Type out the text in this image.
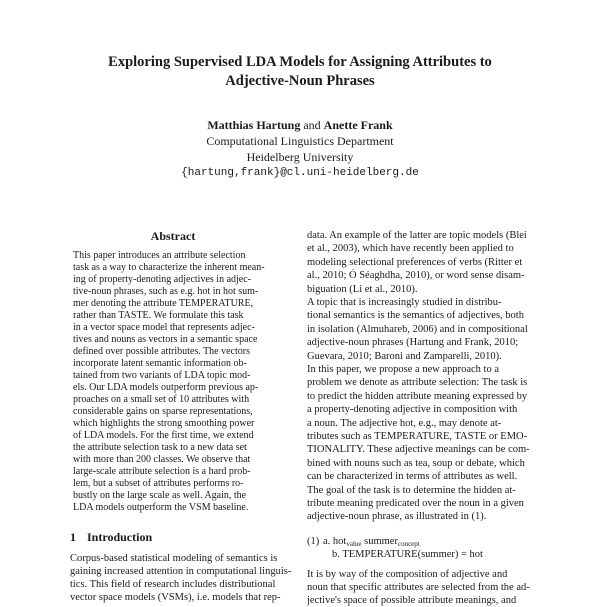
Exploring Supervised LDA Models for Assigning Attributes to
Adjective-Noun Phrases
Matthias Hartung and Anette Frank
Computational Linguistics Department
Heidelberg University
{hartung,frank}@cl.uni-heidelberg.de
Abstract
This paper introduces an attribute selection
task as a way to characterize the inherent mean-
ing of property-denoting adjectives in adjec-
tive-noun phrases, such as e.g. hot in hot sum-
mer denoting the attribute TEMPERATURE,
rather than TASTE. We formulate this task
in a vector space model that represents adjec-
tives and nouns as vectors in a semantic space
defined over possible attributes. The vectors
incorporate latent semantic information ob-
tained from two variants of LDA topic mod-
els. Our LDA models outperform previous ap-
proaches on a small set of 10 attributes with
considerable gains on sparse representations,
which highlights the strong smoothing power
of LDA models. For the first time, we extend
the attribute selection task to a new data set
with more than 200 classes. We observe that
large-scale attribute selection is a hard prob-
lem, but a subset of attributes performs ro-
bustly on the large scale as well. Again, the
LDA models outperform the VSM baseline.
1 Introduction
Corpus-based statistical modeling of semantics is
gaining increased attention in computational linguis-
tics. This field of research includes distributional
vector space models (VSMs), i.e. models that rep-
data. An example of the latter are topic models (Blei
et al., 2003), which have recently been applied to
modeling selectional preferences of verbs (Ritter et
al., 2010; Ó Séaghdha, 2010), or word sense disam-
biguation (Li et al., 2010).
A topic that is increasingly studied in distribu-
tional semantics is the semantics of adjectives, both
in isolation (Almuhareb, 2006) and in compositional
adjective-noun phrases (Hartung and Frank, 2010;
Guevara, 2010; Baroni and Zamparelli, 2010).
In this paper, we propose a new approach to a
problem we denote as attribute selection: The task is
to predict the hidden attribute meaning expressed by
a property-denoting adjective in composition with
a noun. The adjective hot, e.g., may denote at-
tributes such as TEMPERATURE, TASTE or EMO-
TIONALITY. These adjective meanings can be com-
bined with nouns such as tea, soup or debate, which
can be characterized in terms of attributes as well.
The goal of the task is to determine the hidden at-
tribute meaning predicated over the noun in a given
adjective-noun phrase, as illustrated in (1).
(1) a. hot$_{value}$ summer$_{concept}$
b. TEMPERATURE(summer) = hot
It is by way of the composition of adjective and
noun that specific attributes are selected from the ad-
jective's space of possible attribute meanings, and
